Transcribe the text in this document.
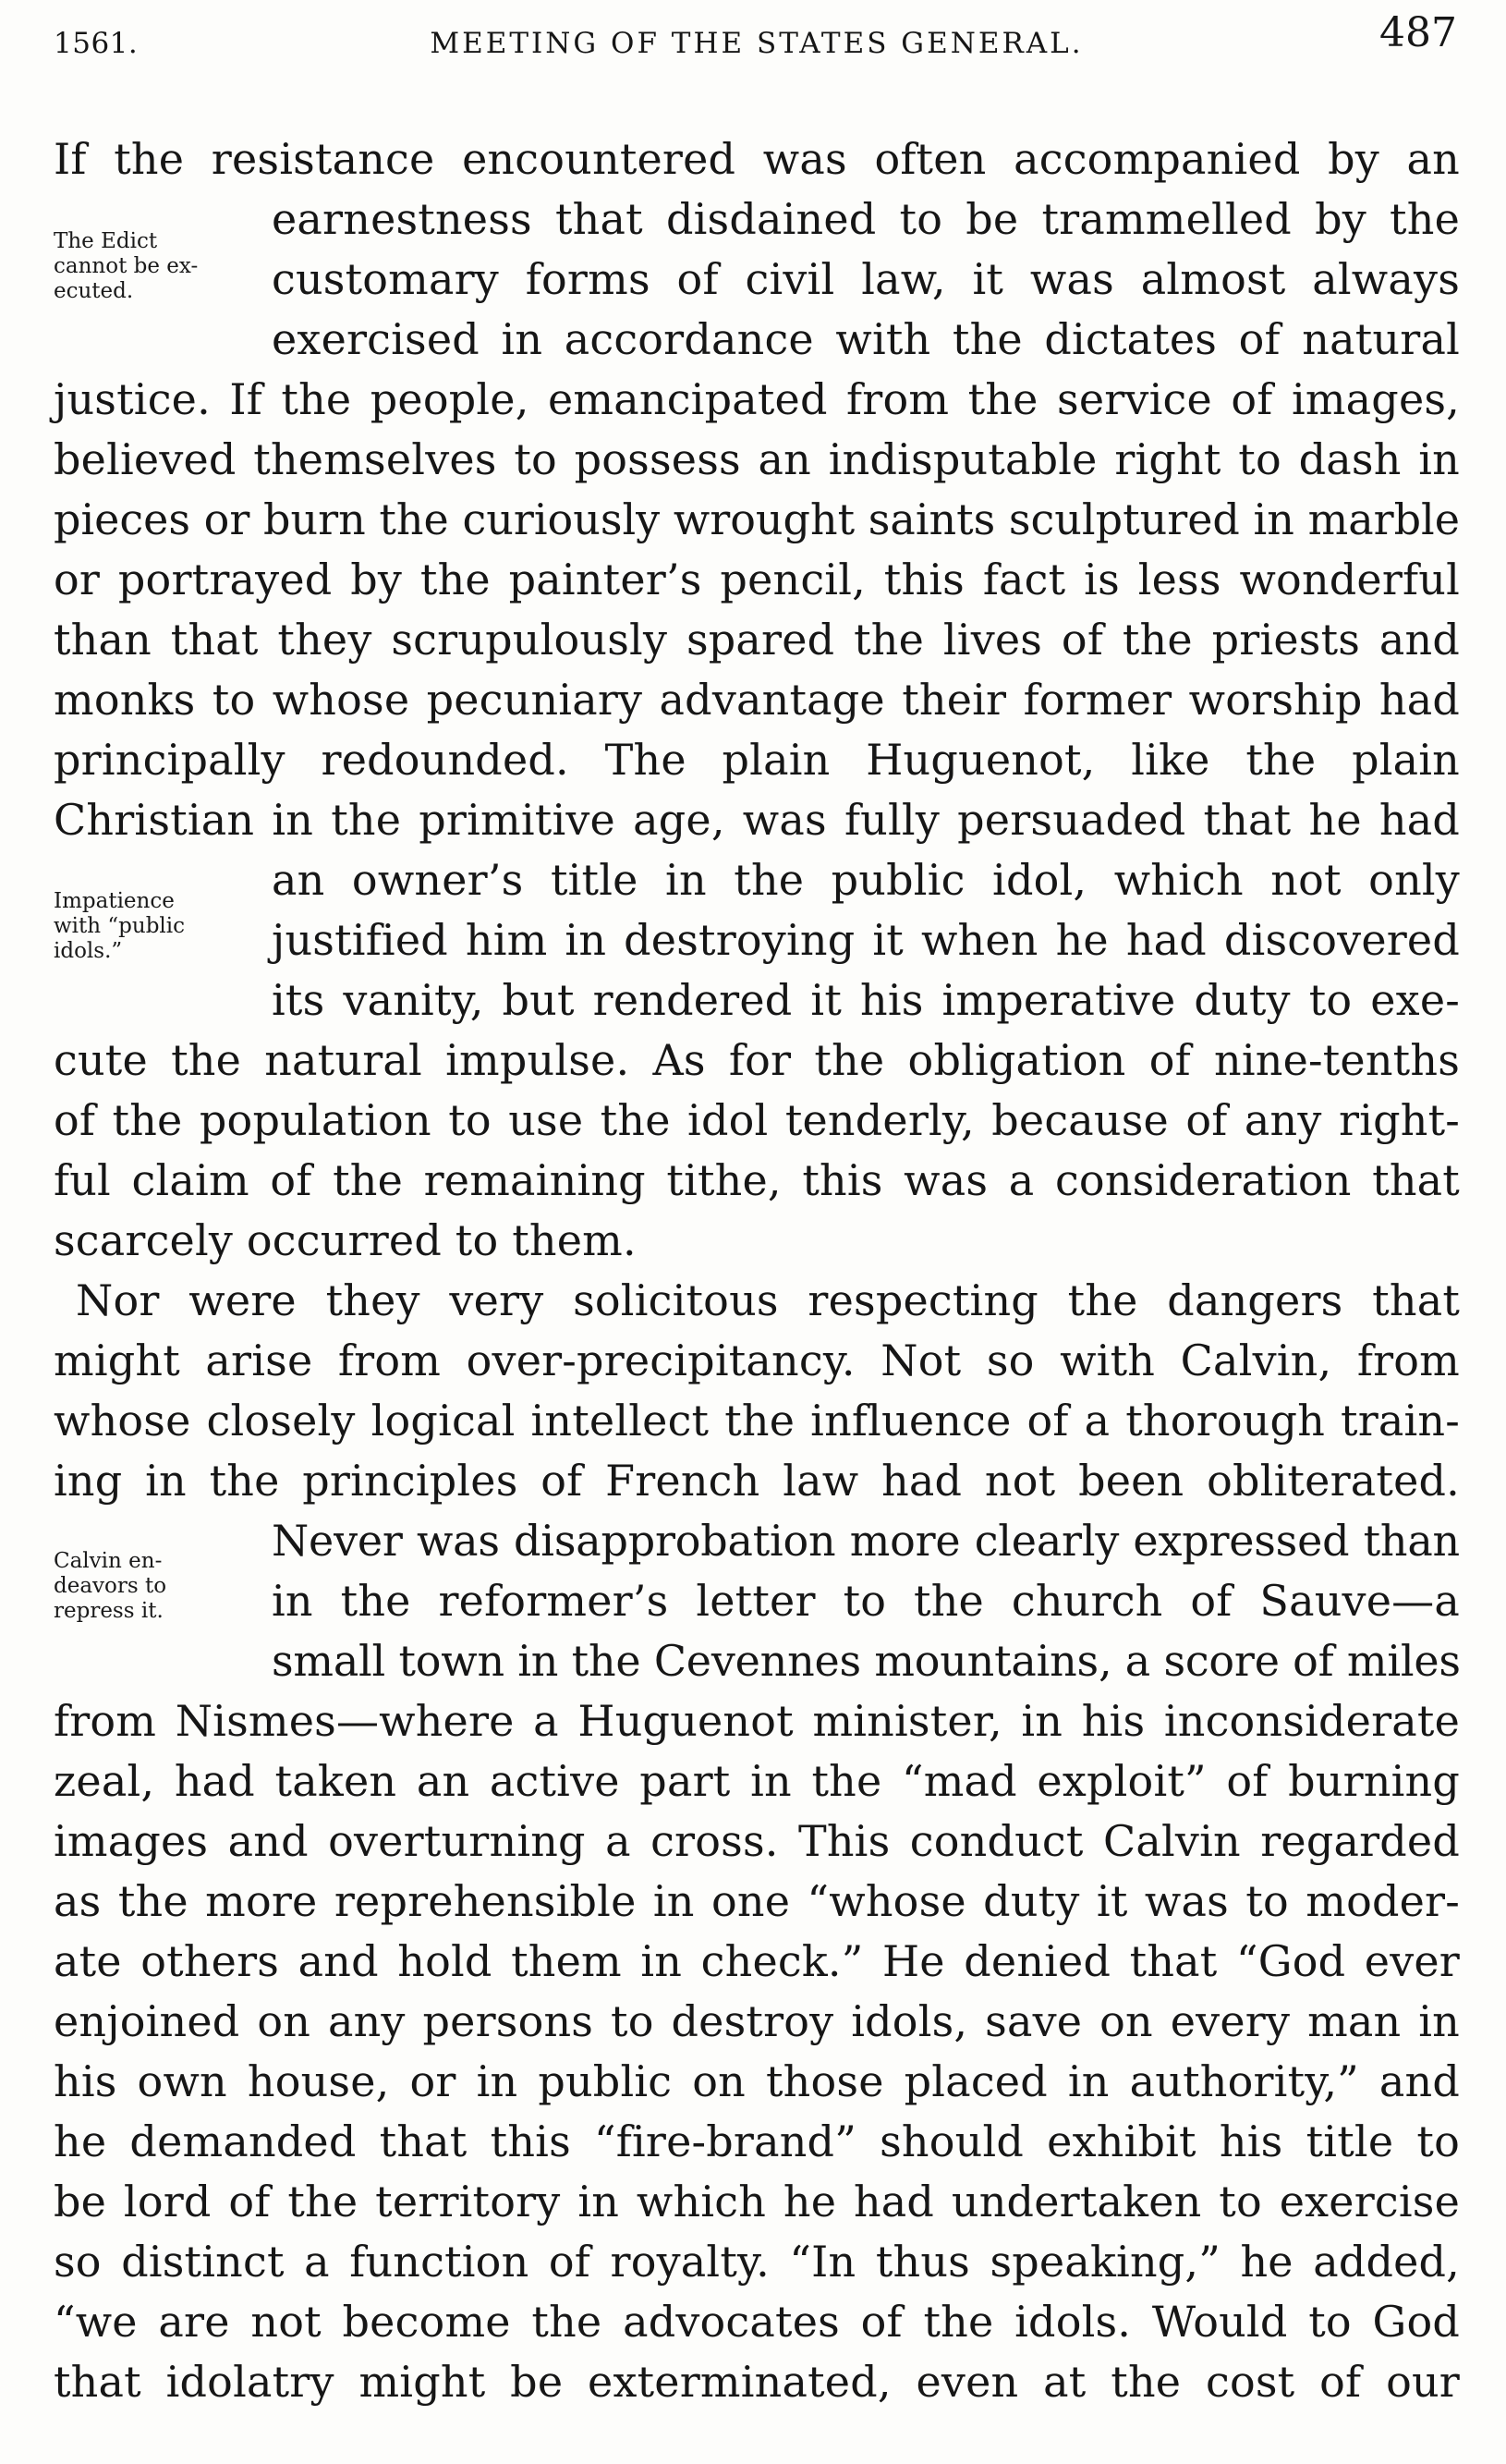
1561.	MEETING OF THE STATES GENERAL.	487
The Edict
cannot be ex-
ecuted.
Impatience
with “public
idols.”
Calvin en-
deavors to
repress it.
If the resistance encountered was often accompanied by an
earnestness that disdained to be trammelled by the
customary forms of civil law, it was almost always
exercised in accordance with the dictates of natural
justice. If the people, emancipated from the service of images,
believed themselves to possess an indisputable right to dash in
pieces or burn the curiously wrought saints sculptured in marble
or portrayed by the painter’s pencil, this fact is less wonderful
than that they scrupulously spared the lives of the priests and
monks to whose pecuniary advantage their former worship had
principally redounded. The plain Huguenot, like the plain
Christian in the primitive age, was fully persuaded that he had
an owner’s title in the public idol, which not only
justified him in destroying it when he had discovered
its vanity, but rendered it his imperative duty to exe-
cute the natural impulse. As for the obligation of nine-tenths
of the population to use the idol tenderly, because of any right-
ful claim of the remaining tithe, this was a consideration that
scarcely occurred to them.
Nor were they very solicitous respecting the dangers that
might arise from over-precipitancy. Not so with Calvin, from
whose closely logical intellect the influence of a thorough train-
ing in the principles of French law had not been obliterated.
Never was disapprobation more clearly expressed than
in the reformer’s letter to the church of Sauve—a
small town in the Cevennes mountains, a score of miles
from Nismes—where a Huguenot minister, in his inconsiderate
zeal, had taken an active part in the “mad exploit” of burning
images and overturning a cross. This conduct Calvin regarded
as the more reprehensible in one “whose duty it was to moder-
ate others and hold them in check.” He denied that “God ever
enjoined on any persons to destroy idols, save on every man in
his own house, or in public on those placed in authority,” and
he demanded that this “fire-brand” should exhibit his title to
be lord of the territory in which he had undertaken to exercise
so distinct a function of royalty. “In thus speaking,” he added,
“we are not become the advocates of the idols. Would to God
that idolatry might be exterminated, even at the cost of our
